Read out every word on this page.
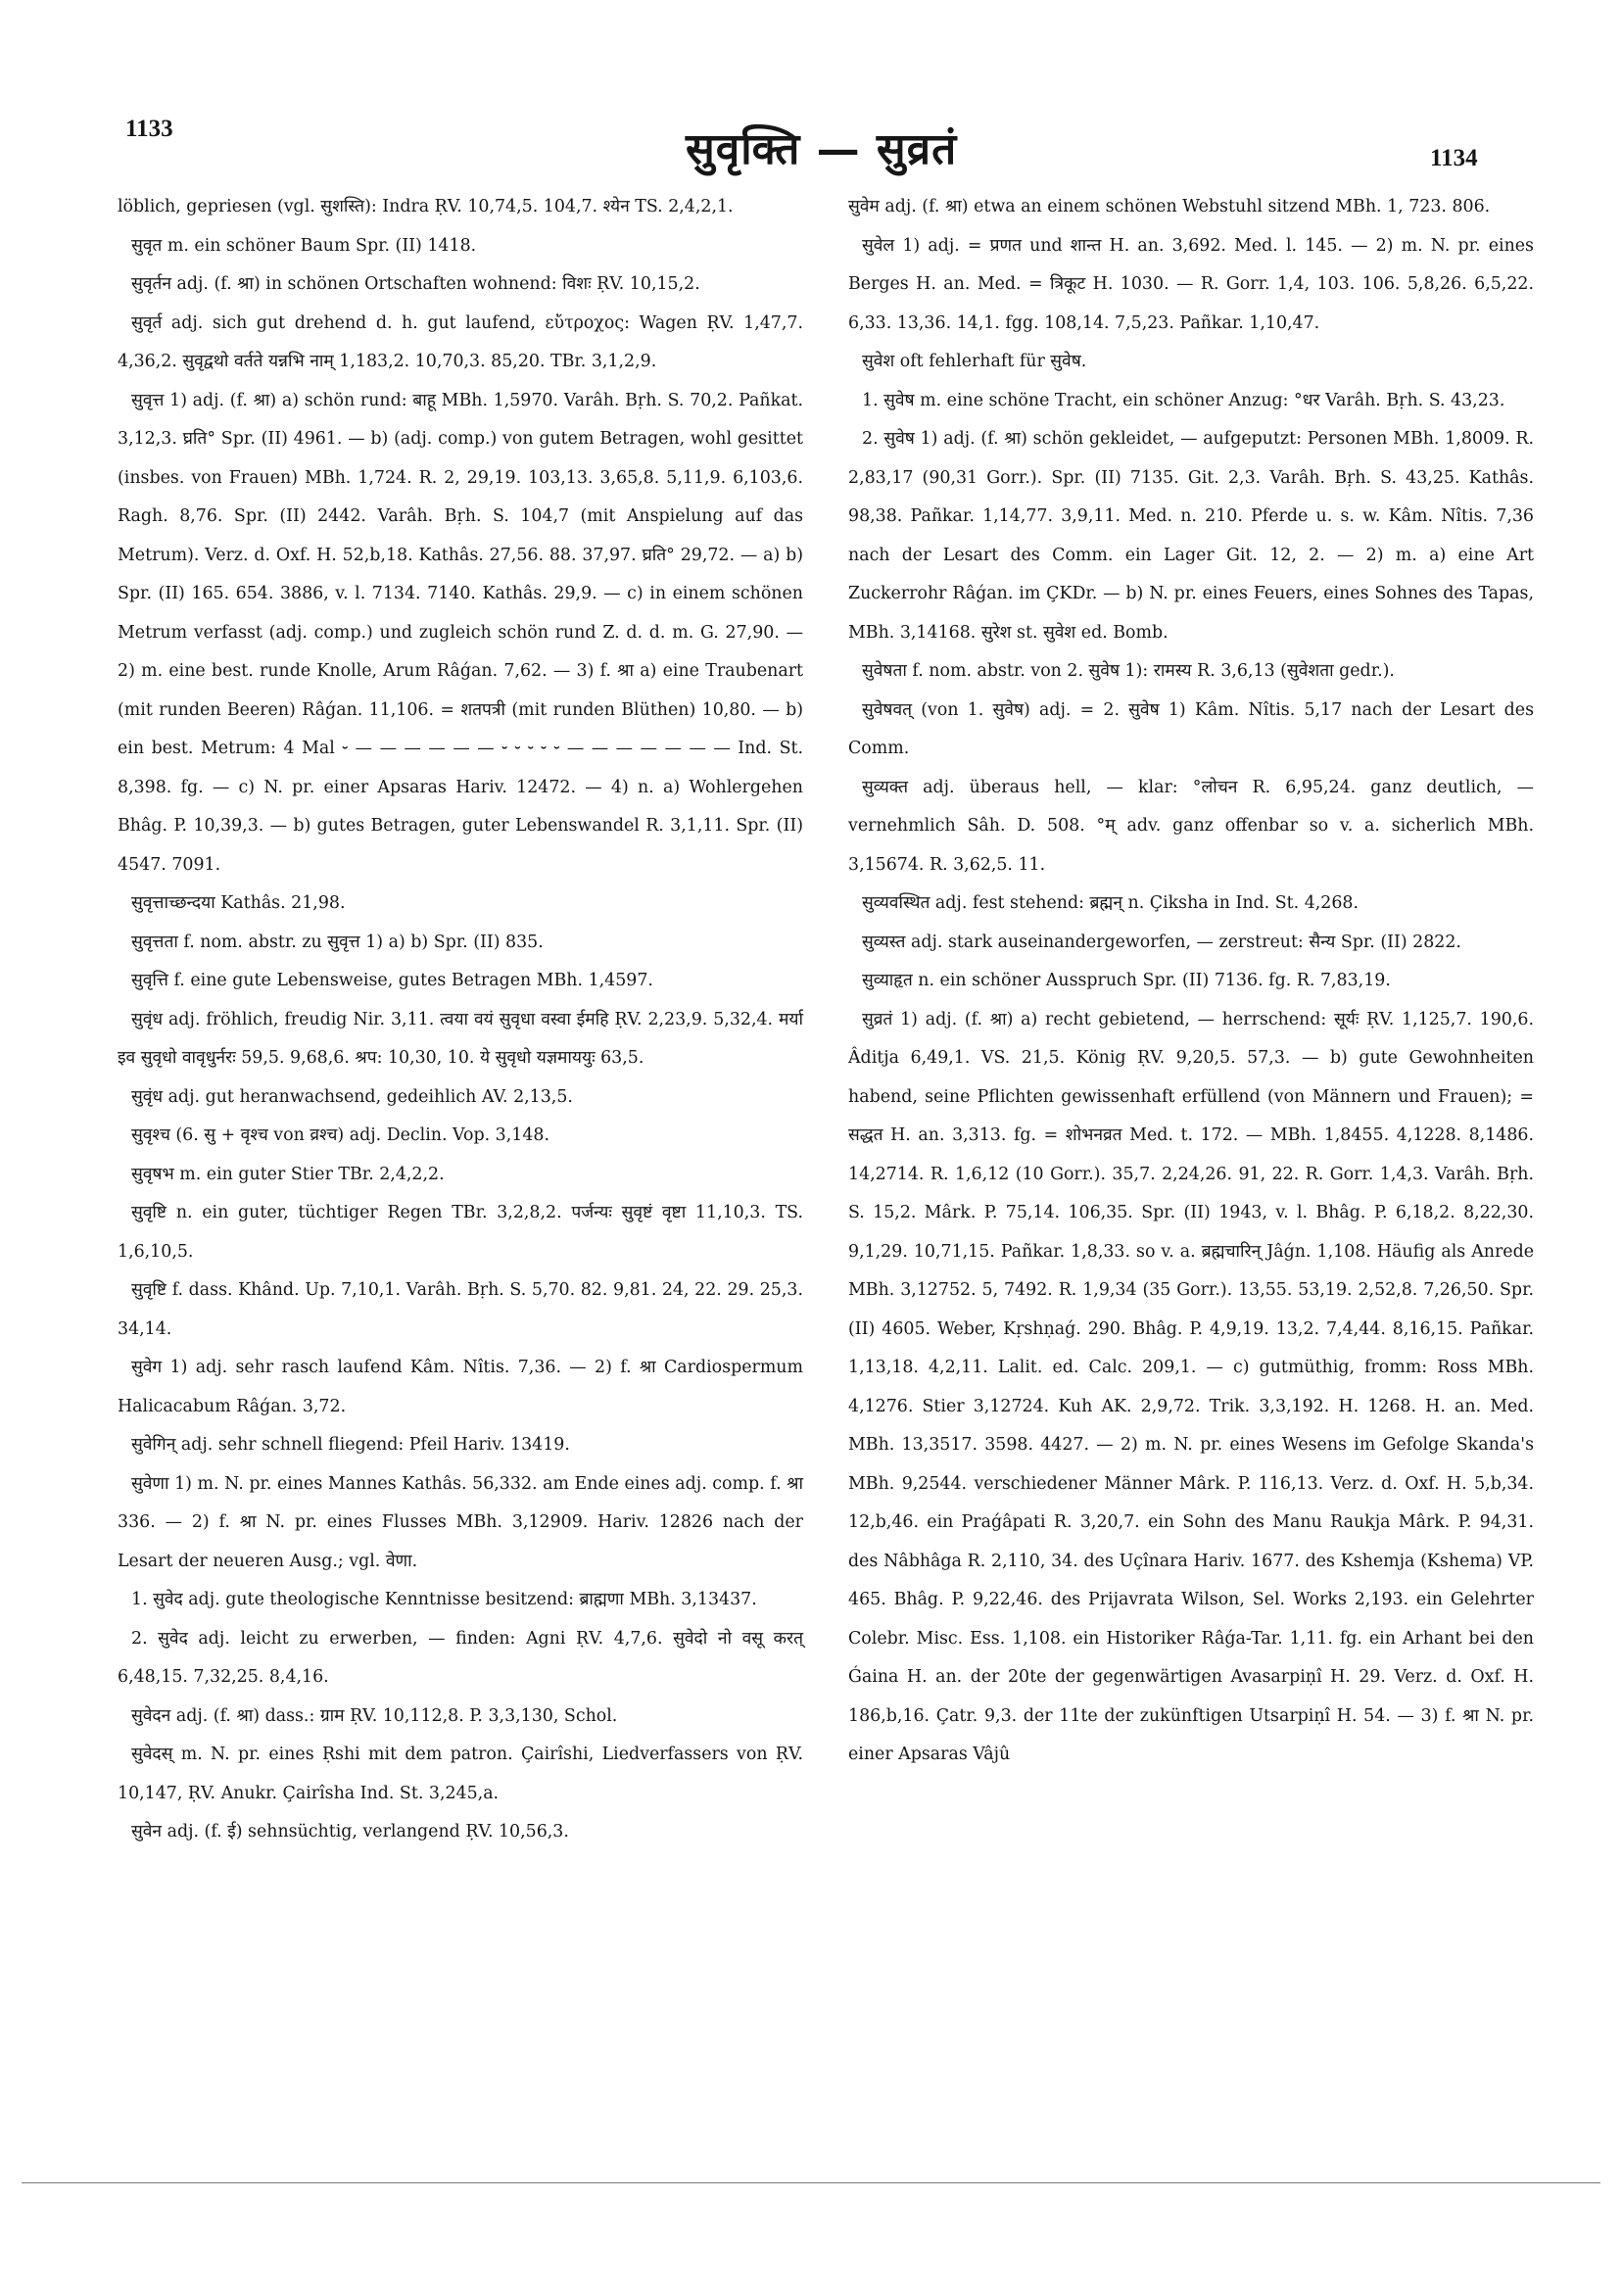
1133	सुवृक्ति — सुव्रतं	1134

löblich, gepriesen (vgl. सुशस्ति): Indra ṚV. 10,74,5. 104,7. श्येन TS. 2,4,2,1.

सुवृत m. ein schöner Baum Spr. (II) 1418.

सुवृर्तन adj. (f. श्रा) in schönen Ortschaften wohnend: विशः ṚV. 10,15,2.

सुवृर्त adj. sich gut drehend d. h. gut laufend, εὔτροχος: Wagen ṚV. 1,47,7. 4,36,2. सुवृद्वथो वर्तते यन्नभि नाम् 1,183,2. 10,70,3. 85,20. TBr. 3,1,2,9.

सुवृत्त 1) adj. (f. श्रा) a) schön rund: बाहू MBh. 1,5970. Varâh. Bṛh. S. 70,2. Pañkat. 3,12,3. घ्रति° Spr. (II) 4961. — b) (adj. comp.) von gutem Betragen, wohl gesittet (insbes. von Frauen) MBh. 1,724. R. 2, 29,19. 103,13. 3,65,8. 5,11,9. 6,103,6. Ragh. 8,76. Spr. (II) 2442. Varâh. Bṛh. S. 104,7 (mit Anspielung auf das Metrum). Verz. d. Oxf. H. 52,b,18. Kathâs. 27,56. 88. 37,97. घ्रति° 29,72. — a) b) Spr. (II) 165. 654. 3886, v. l. 7134. 7140. Kathâs. 29,9. — c) in einem schönen Metrum verfasst (adj. comp.) und zugleich schön rund Z. d. d. m. G. 27,90. — 2) m. eine best. runde Knolle, Arum Râǵan. 7,62. — 3) f. श्रा a) eine Traubenart (mit runden Beeren) Râǵan. 11,106. = शतपत्री (mit runden Blüthen) 10,80. — b) ein best. Metrum: 4 Mal ⏑ — — — — — — ⏑ ⏑ ⏑ ⏑ ⏑ — — — — — — — Ind. St. 8,398. fg. — c) N. pr. einer Apsaras Hariv. 12472. — 4) n. a) Wohlergehen Bhâg. P. 10,39,3. — b) gutes Betragen, guter Lebenswandel R. 3,1,11. Spr. (II) 4547. 7091.

सुवृत्ताच्छन्दया Kathâs. 21,98.

सुवृत्तता f. nom. abstr. zu सुवृत्त 1) a) b) Spr. (II) 835.

सुवृत्ति f. eine gute Lebensweise, gutes Betragen MBh. 1,4597.

सुवृंध adj. fröhlich, freudig Nir. 3,11. त्वया वयं सुवृधा वस्वा ईमहि ṚV. 2,23,9. 5,32,4. मर्या इव सुवृधो वावृधुर्नरः 59,5. 9,68,6. श्रप: 10,30, 10. ये सुवृधो यज्ञमाययुः 63,5.

सुवृंध adj. gut heranwachsend, gedeihlich AV. 2,13,5.

सुवृश्च (6. सु + वृश्च von व्रश्च) adj. Declin. Vop. 3,148.

सुवृषभ m. ein guter Stier TBr. 2,4,2,2.

सुवृष्टि n. ein guter, tüchtiger Regen TBr. 3,2,8,2. पर्जन्यः सुवृष्टं वृष्टा 11,10,3. TS. 1,6,10,5.

सुवृष्टि f. dass. Khând. Up. 7,10,1. Varâh. Bṛh. S. 5,70. 82. 9,81. 24, 22. 29. 25,3. 34,14.

सुवेग 1) adj. sehr rasch laufend Kâm. Nîtis. 7,36. — 2) f. श्रा Cardiospermum Halicacabum Râǵan. 3,72.

सुवेगिन् adj. sehr schnell fliegend: Pfeil Hariv. 13419.

सुवेणा 1) m. N. pr. eines Mannes Kathâs. 56,332. am Ende eines adj. comp. f. श्रा 336. — 2) f. श्रा N. pr. eines Flusses MBh. 3,12909. Hariv. 12826 nach der Lesart der neueren Ausg.; vgl. वेणा.

1. सुवेद adj. gute theologische Kenntnisse besitzend: ब्राह्मणा MBh. 3,13437.

2. सुवेद adj. leicht zu erwerben, — finden: Agni ṚV. 4,7,6. सुवेदो नो वसू करत् 6,48,15. 7,32,25. 8,4,16.

सुवेदन adj. (f. श्रा) dass.: ग्राम ṚV. 10,112,8. P. 3,3,130, Schol.

सुवेदस् m. N. pr. eines Ṛshi mit dem patron. Çairîshi, Liedverfassers von ṚV. 10,147, ṚV. Anukr. Çairîsha Ind. St. 3,245,a.

सुवेन adj. (f. ई) sehnsüchtig, verlangend ṚV. 10,56,3.

सुवेम adj. (f. श्रा) etwa an einem schönen Webstuhl sitzend MBh. 1, 723. 806.

सुवेल 1) adj. = प्रणत und शान्त H. an. 3,692. Med. l. 145. — 2) m. N. pr. eines Berges H. an. Med. = त्रिकूट H. 1030. — R. Gorr. 1,4, 103. 106. 5,8,26. 6,5,22. 6,33. 13,36. 14,1. fgg. 108,14. 7,5,23. Pañkar. 1,10,47.

सुवेश oft fehlerhaft für सुवेष.

1. सुवेष m. eine schöne Tracht, ein schöner Anzug: °धर Varâh. Bṛh. S. 43,23.

2. सुवेष 1) adj. (f. श्रा) schön gekleidet, — aufgeputzt: Personen MBh. 1,8009. R. 2,83,17 (90,31 Gorr.). Spr. (II) 7135. Git. 2,3. Varâh. Bṛh. S. 43,25. Kathâs. 98,38. Pañkar. 1,14,77. 3,9,11. Med. n. 210. Pferde u. s. w. Kâm. Nîtis. 7,36 nach der Lesart des Comm. ein Lager Git. 12, 2. — 2) m. a) eine Art Zuckerrohr Râǵan. im ÇKDr. — b) N. pr. eines Feuers, eines Sohnes des Tapas, MBh. 3,14168. सुरेश st. सुवेश ed. Bomb.

सुवेषता f. nom. abstr. von 2. सुवेष 1): रामस्य R. 3,6,13 (सुवेशता gedr.).

सुवेषवत् (von 1. सुवेष) adj. = 2. सुवेष 1) Kâm. Nîtis. 5,17 nach der Lesart des Comm.

सुव्यक्त adj. überaus hell, — klar: °लोचन R. 6,95,24. ganz deutlich, — vernehmlich Sâh. D. 508. °म् adv. ganz offenbar so v. a. sicherlich MBh. 3,15674. R. 3,62,5. 11.

सुव्यवस्थित adj. fest stehend: ब्रह्मन् n. Çiksha in Ind. St. 4,268.

सुव्यस्त adj. stark auseinandergeworfen, — zerstreut: सैन्य Spr. (II) 2822.

सुव्याहृत n. ein schöner Ausspruch Spr. (II) 7136. fg. R. 7,83,19.

सुव्रतं 1) adj. (f. श्रा) a) recht gebietend, — herrschend: सूर्यः ṚV. 1,125,7. 190,6. Âditja 6,49,1. VS. 21,5. König ṚV. 9,20,5. 57,3. — b) gute Gewohnheiten habend, seine Pflichten gewissenhaft erfüllend (von Männern und Frauen); = सद्धत H. an. 3,313. fg. = शोभनव्रत Med. t. 172. — MBh. 1,8455. 4,1228. 8,1486. 14,2714. R. 1,6,12 (10 Gorr.). 35,7. 2,24,26. 91, 22. R. Gorr. 1,4,3. Varâh. Bṛh. S. 15,2. Mârk. P. 75,14. 106,35. Spr. (II) 1943, v. l. Bhâg. P. 6,18,2. 8,22,30. 9,1,29. 10,71,15. Pañkar. 1,8,33. so v. a. ब्रह्मचारिन् Jâǵn. 1,108. Häufig als Anrede MBh. 3,12752. 5, 7492. R. 1,9,34 (35 Gorr.). 13,55. 53,19. 2,52,8. 7,26,50. Spr. (II) 4605. Weber, Kṛshṇaǵ. 290. Bhâg. P. 4,9,19. 13,2. 7,4,44. 8,16,15. Pañkar. 1,13,18. 4,2,11. Lalit. ed. Calc. 209,1. — c) gutmüthig, fromm: Ross MBh. 4,1276. Stier 3,12724. Kuh AK. 2,9,72. Trik. 3,3,192. H. 1268. H. an. Med. MBh. 13,3517. 3598. 4427. — 2) m. N. pr. eines Wesens im Gefolge Skanda's MBh. 9,2544. verschiedener Männer Mârk. P. 116,13. Verz. d. Oxf. H. 5,b,34. 12,b,46. ein Praǵâpati R. 3,20,7. ein Sohn des Manu Raukja Mârk. P. 94,31. des Nâbhâga R. 2,110, 34. des Uçînara Hariv. 1677. des Kshemja (Kshema) VP. 465. Bhâg. P. 9,22,46. des Prijavrata Wilson, Sel. Works 2,193. ein Gelehrter Colebr. Misc. Ess. 1,108. ein Historiker Râǵa-Tar. 1,11. fg. ein Arhant bei den Ǵaina H. an. der 20te der gegenwärtigen Avasarpiṇî H. 29. Verz. d. Oxf. H. 186,b,16. Çatr. 9,3. der 11te der zukünftigen Utsarpiṇî H. 54. — 3) f. श्रा N. pr. einer Apsaras Vâjû
